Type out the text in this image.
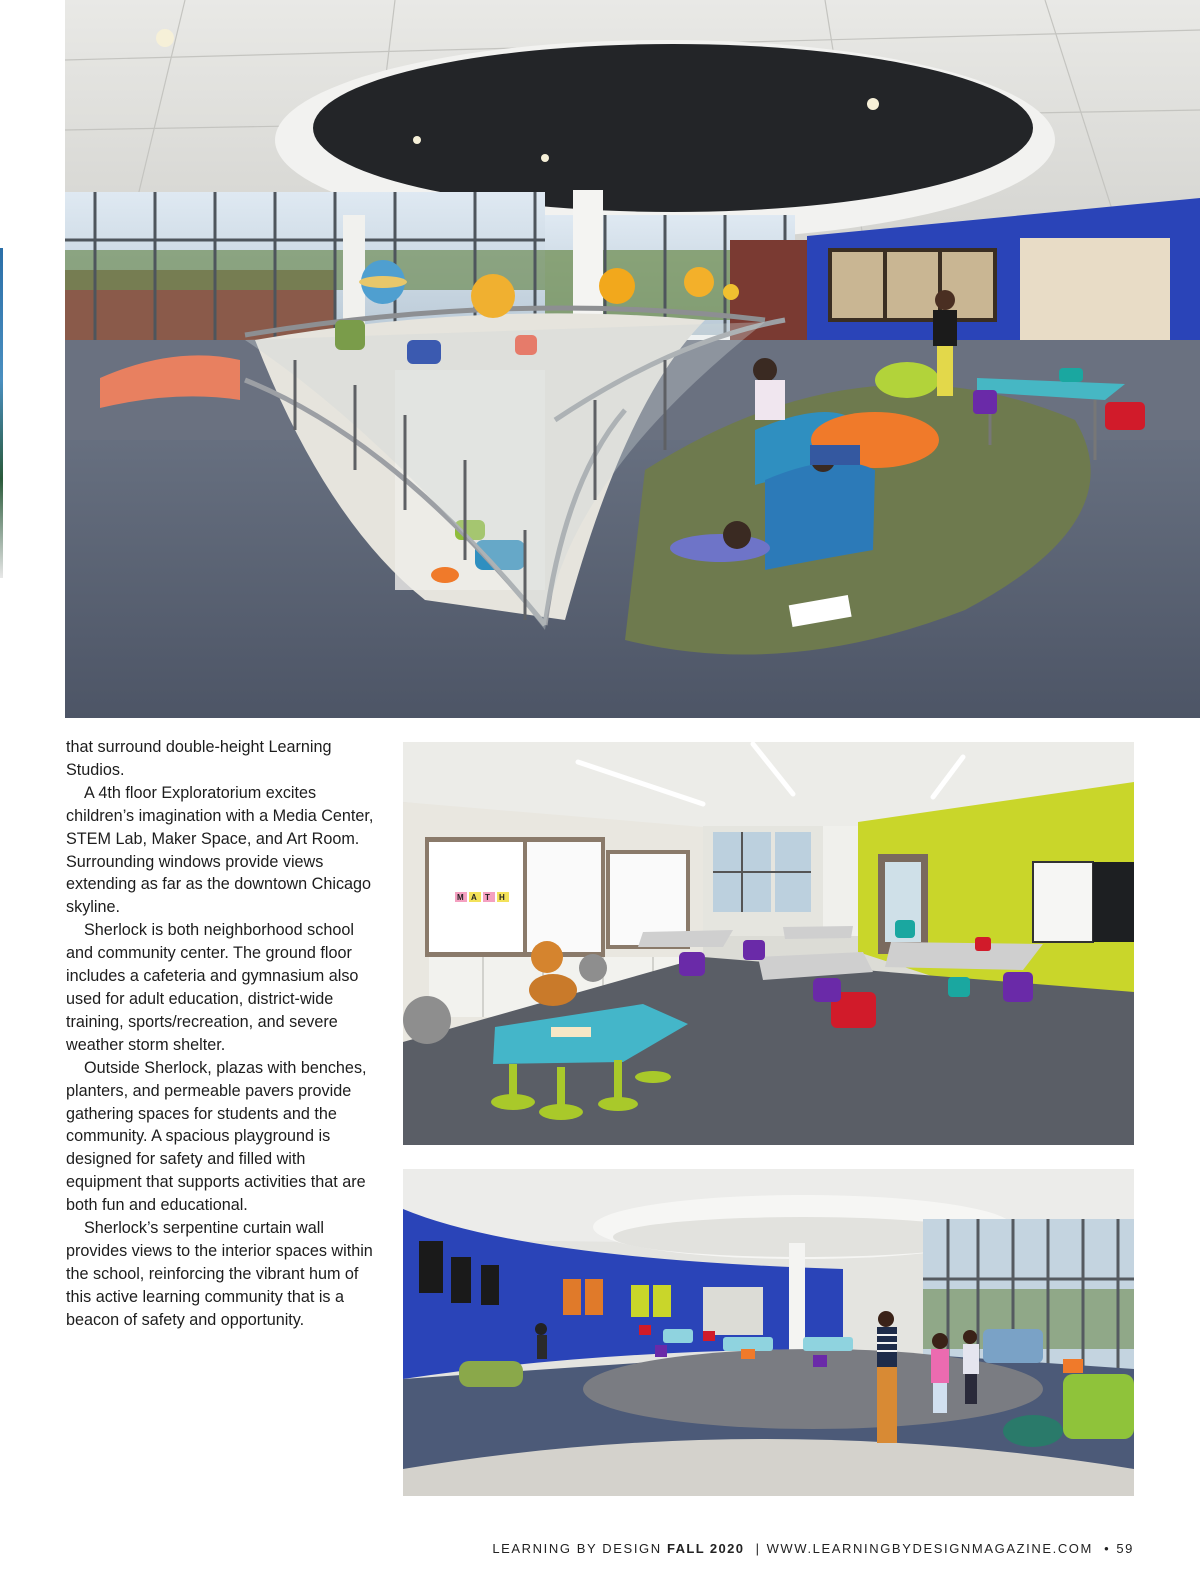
that surround double-height Learning Studios.

A 4th floor Exploratorium excites children’s imagination with a Media Center, STEM Lab, Maker Space, and Art Room. Surrounding windows provide views extending as far as the downtown Chicago skyline.

Sherlock is both neighborhood school and community center. The ground floor includes a cafeteria and gymnasium also used for adult education, district-wide training, sports/recreation, and severe weather storm shelter.

Outside Sherlock, plazas with benches, planters, and permeable pavers provide gathering spaces for students and the community. A spacious playground is designed for safety and filled with equipment that supports activities that are both fun and educational.

Sherlock’s serpentine curtain wall provides views to the interior spaces within the school, reinforcing the vibrant hum of this active learning community that is a beacon of safety and opportunity.

M A T H
LEARNING BY DESIGN FALL 2020 | WWW.LEARNINGBYDESIGNMAGAZINE.COM • 59
